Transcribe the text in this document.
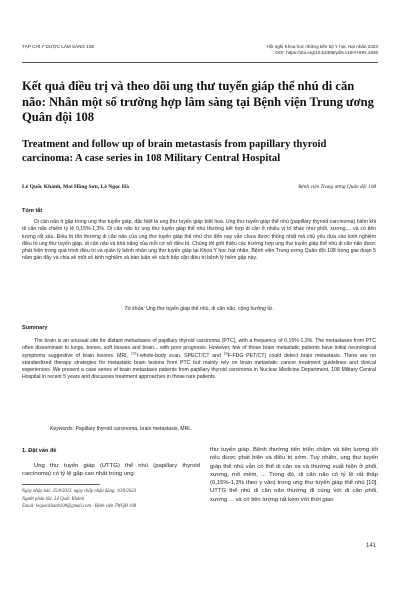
TẠP CHÍ Y DƯỢC LÂM SÀNG 108	Hội nghị Khoa học những tiến bộ Y học Hạt nhân 2023
DOI: https://doi.org/10.52389/ydls.v18iYHHN.1936
Kết quả điều trị và theo dõi ung thư tuyến giáp thể nhú di căn não: Nhân một số trường hợp lâm sàng tại Bệnh viện Trung ương Quân đội 108
Treatment and follow up of brain metastasis from papillary thyroid carcinoma: A case series in 108 Military Central Hospital
Lê Quốc Khánh, Mai Hồng Sơn, Lê Ngọc Hà	Bệnh viện Trung ương Quân đội 108
Tóm tắt
Di căn não ít gặp trong ung thư tuyến giáp, đặc biệt là ung thư tuyến giáp biệt hoá. Ung thư tuyến giáp thể nhú (papillary thyroid carcinoma) hiếm khi di căn não chiếm tỷ lệ 0,15%-1,3%. Di căn não từ ung thư tuyến giáp thể nhú thường kết hợp di căn ở nhiều vị trí khác như phổi, xương,... và có tiên lượng rất xấu. Điều trị tổn thương di căn não của ung thư tuyến giáp thể nhú cho đến nay vẫn chưa được thống nhất mà chủ yếu dựa vào kinh nghiệm điều trị ung thư tuyến giáp, di căn não và khả năng của mỗi cơ sở điều trị. Chúng tôi giới thiệu các trường hợp ung thư tuyến giáp thể nhú di căn não được phát hiện trong quá trình điều trị và quản lý bệnh nhân ung thư tuyến giáp tại Khoa Y học hạt nhân, Bệnh viện Trung ương Quân đội 108 trong giai đoạn 5 năm gần đây và chia sẻ một số kinh nghiệm và bàn luận về cách tiếp cận điều trị bệnh lý hiếm gặp này.
Từ khóa: Ung thư tuyến giáp thể nhú, di căn não, cộng hưởng từ.
Summary
The brain is an unusual site for distant metastases of papillary thyroid carcinoma (PTC), with a frequency of 0.15%-1.3%. The metastases from PTC often disseminate to lungs, bones, soft tissues and brain... with poor prognosis. However, few of those brain metastatic patients have initial neurological symptoms suggestive of brain lesions. MRI, $^{131}$I-whole-body scan, SPECT/CT and $^{18}$F-FDG PET/CT) could detect brain metastasis. There are no standardized therapy strategies for metastatic brain lesions from PTC but mainly rely on brain metastatic cancer treatment guidelines and clinical experiences. We present a case series of brain metastasis patients from papillary thyroid carcinoma in Nuclear Medicine Department, 108 Military Central Hospital in recent 5 years and discusses treatment approaches in those rare patients.
Keywords: Papillary thyroid carcinoma, brain metastasis, MRI.
1. Đặt vấn đề
Ung thư tuyến giáp (UTTG) thể nhú (papillary thyroid carcinoma) có tỷ lệ gặp cao nhất trong ung
thư tuyến giáp. Bệnh thường tiến triển chậm và tiên lượng tốt nếu được phát hiện và điều trị sớm. Tuy nhiên, ung thư tuyến giáp thể nhú vẫn có thể di căn xa và thường xuất hiện ở phổi, xương, mô mềm, ... Trong đó, di căn não có tỷ lệ rất thấp (0,15%-1,3% theo y văn) trong ung thư tuyến giáp thể nhú [10]. UTTG thể nhú di căn não thường đi cùng với di căn phổi, xương ... và có tiên lượng rất kém với thời gian
Ngày nhận bài: 25/8/2023, ngày chấp nhận đăng: 10/9/2023
Người phản hồi: Lê Quốc Khánh
Email: lequockhanh108@gmail.com - Bệnh viện TWQĐ 108
141
